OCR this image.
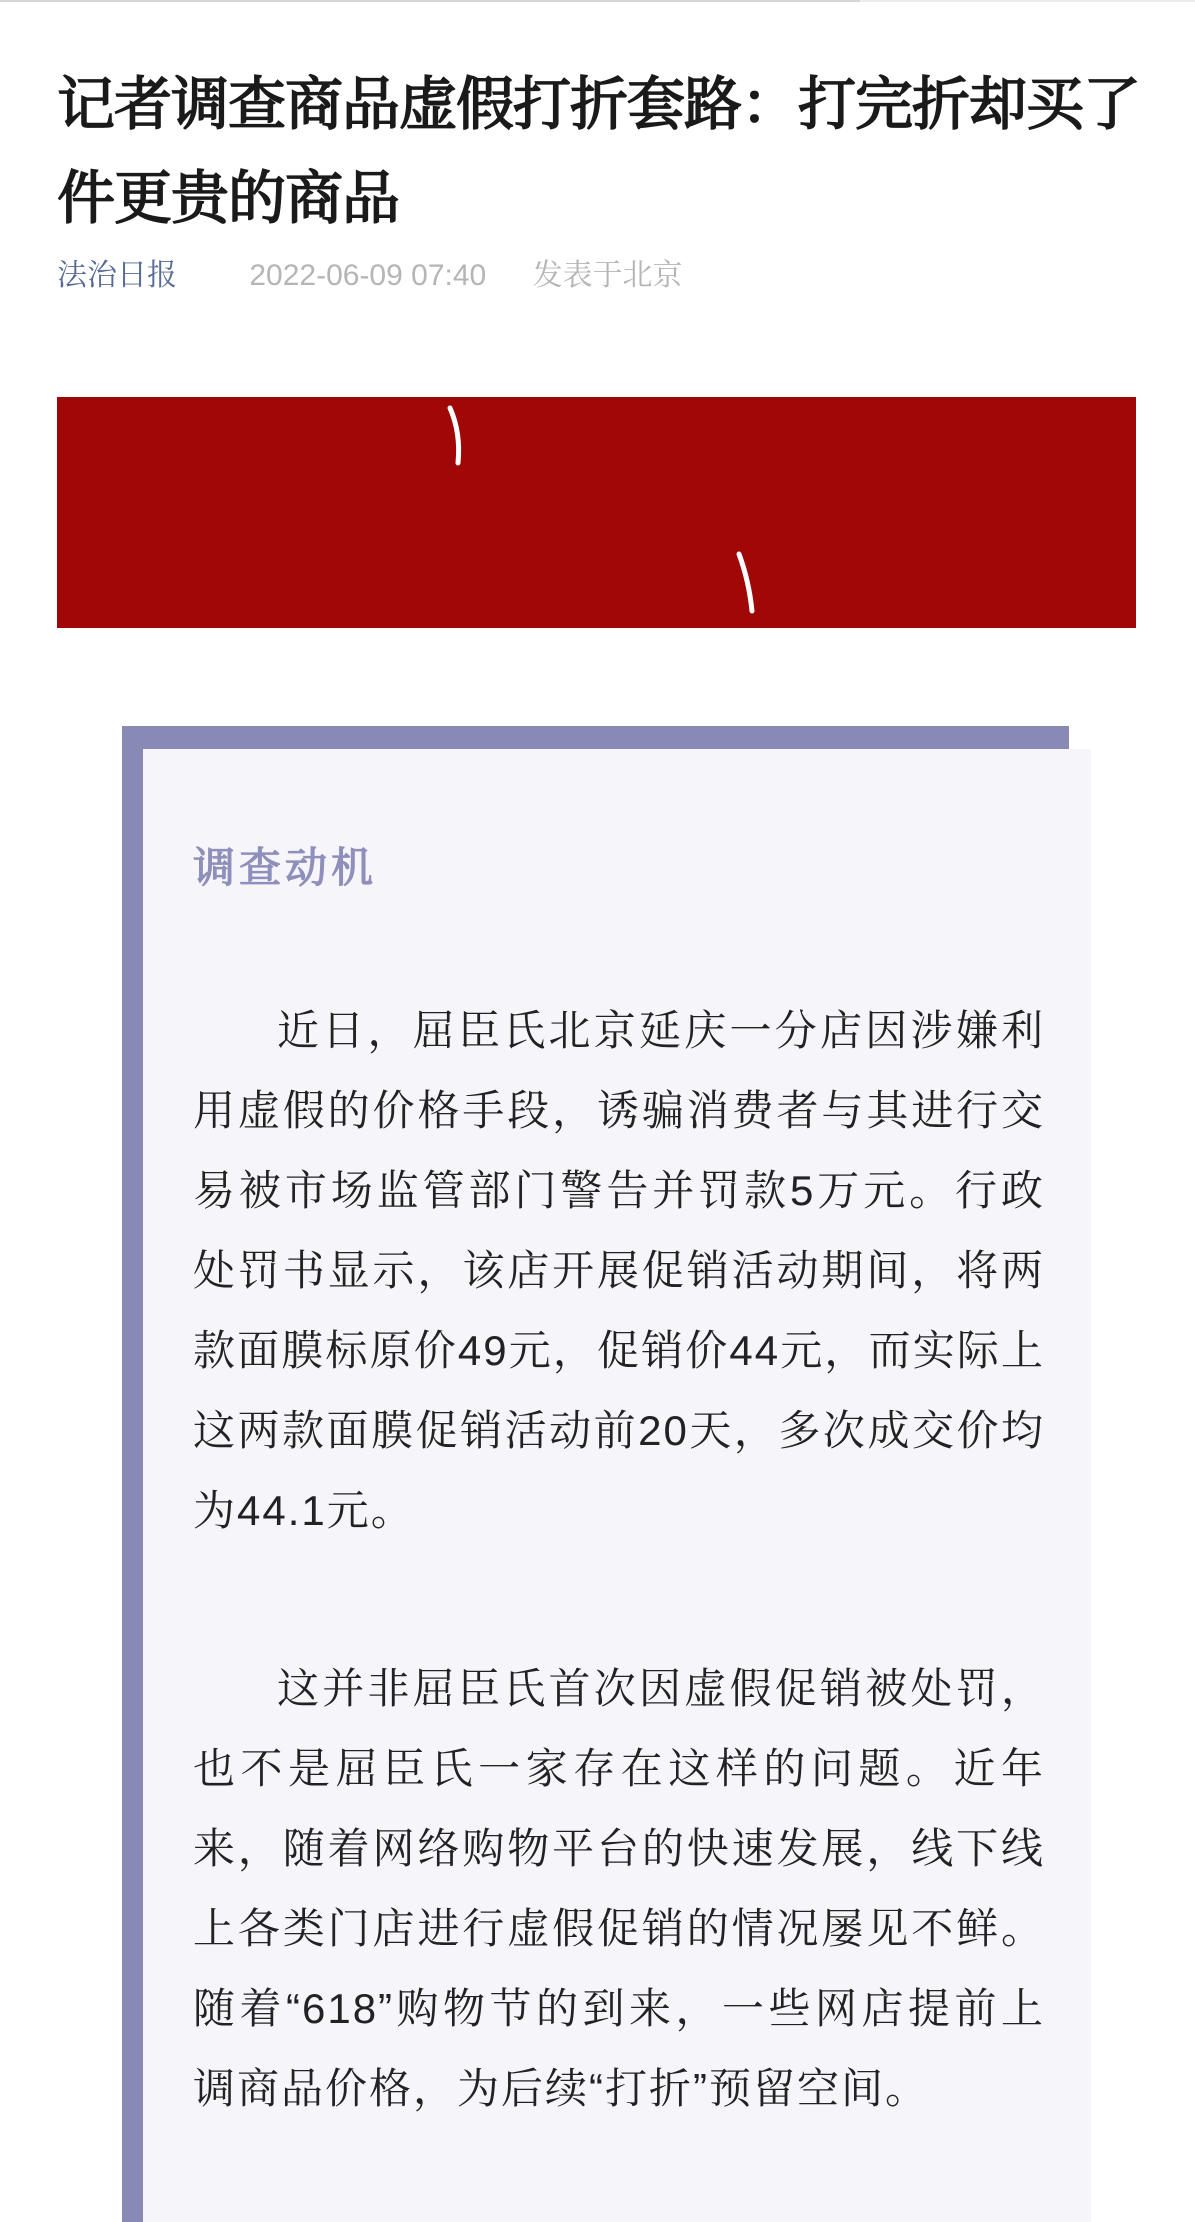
记者调查商品虚假打折套路：打完折却买了件更贵的商品
法治日报 2022-06-09 07:40 发表于北京
调查动机

近日，屈臣氏北京延庆一分店因涉嫌利用虚假的价格手段，诱骗消费者与其进行交易被市场监管部门警告并罚款5万元。行政处罚书显示，该店开展促销活动期间，将两款面膜标原价49元，促销价44元，而实际上这两款面膜促销活动前20天，多次成交价均为44.1元。

这并非屈臣氏首次因虚假促销被处罚，也不是屈臣氏一家存在这样的问题。近年来，随着网络购物平台的快速发展，线下线上各类门店进行虚假促销的情况屡见不鲜。随着“618”购物节的到来，一些网店提前上调商品价格，为后续“打折”预留空间。
